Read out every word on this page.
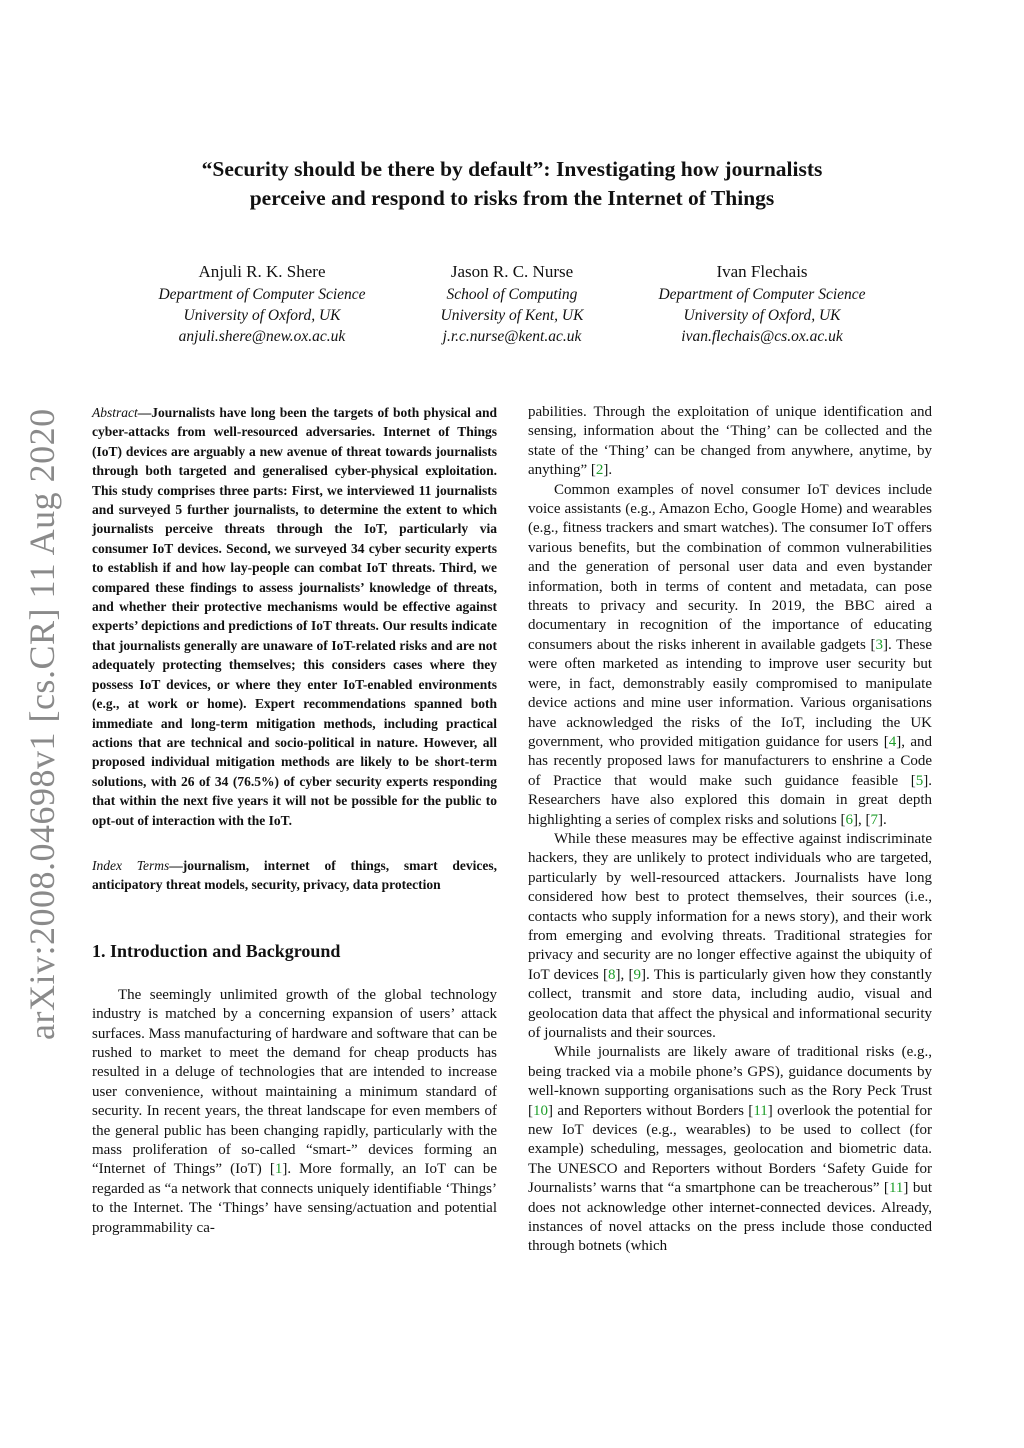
arXiv:2008.04698v1 [cs.CR] 11 Aug 2020
“Security should be there by default”: Investigating how journalists
perceive and respond to risks from the Internet of Things
Anjuli R. K. Shere
Department of Computer Science
University of Oxford, UK
anjuli.shere@new.ox.ac.uk
Jason R. C. Nurse
School of Computing
University of Kent, UK
j.r.c.nurse@kent.ac.uk
Ivan Flechais
Department of Computer Science
University of Oxford, UK
ivan.flechais@cs.ox.ac.uk

Abstract—Journalists have long been the targets of both physical and cyber-attacks from well-resourced adversaries. Internet of Things (IoT) devices are arguably a new avenue of threat towards journalists through both targeted and generalised cyber-physical exploitation. This study comprises three parts: First, we interviewed 11 journalists and surveyed 5 further journalists, to determine the extent to which journalists perceive threats through the IoT, particularly via consumer IoT devices. Second, we surveyed 34 cyber security experts to establish if and how lay-people can combat IoT threats. Third, we compared these findings to assess journalists’ knowledge of threats, and whether their protective mechanisms would be effective against experts’ depictions and predictions of IoT threats. Our results indicate that journalists generally are unaware of IoT-related risks and are not adequately protecting themselves; this considers cases where they possess IoT devices, or where they enter IoT-enabled environments (e.g., at work or home). Expert recommendations spanned both immediate and long-term mitigation methods, including practical actions that are technical and socio-political in nature. However, all proposed individual mitigation methods are likely to be short-term solutions, with 26 of 34 (76.5%) of cyber security experts responding that within the next five years it will not be possible for the public to opt-out of interaction with the IoT.

Index Terms—journalism, internet of things, smart devices, anticipatory threat models, security, privacy, data protection

1. Introduction and Background

The seemingly unlimited growth of the global technology industry is matched by a concerning expansion of users’ attack surfaces. Mass manufacturing of hardware and software that can be rushed to market to meet the demand for cheap products has resulted in a deluge of technologies that are intended to increase user convenience, without maintaining a minimum standard of security. In recent years, the threat landscape for even members of the general public has been changing rapidly, particularly with the mass proliferation of so-called “smart-” devices forming an “Internet of Things” (IoT) [1]. More formally, an IoT can be regarded as “a network that connects uniquely identifiable ‘Things’ to the Internet. The ‘Things’ have sensing/actuation and potential programmability ca-

pabilities. Through the exploitation of unique identification and sensing, information about the ‘Thing’ can be collected and the state of the ‘Thing’ can be changed from anywhere, anytime, by anything” [2].

Common examples of novel consumer IoT devices include voice assistants (e.g., Amazon Echo, Google Home) and wearables (e.g., fitness trackers and smart watches). The consumer IoT offers various benefits, but the combination of common vulnerabilities and the generation of personal user data and even bystander information, both in terms of content and metadata, can pose threats to privacy and security. In 2019, the BBC aired a documentary in recognition of the importance of educating consumers about the risks inherent in available gadgets [3]. These were often marketed as intending to improve user security but were, in fact, demonstrably easily compromised to manipulate device actions and mine user information. Various organisations have acknowledged the risks of the IoT, including the UK government, who provided mitigation guidance for users [4], and has recently proposed laws for manufacturers to enshrine a Code of Practice that would make such guidance feasible [5]. Researchers have also explored this domain in great depth highlighting a series of complex risks and solutions [6], [7].

While these measures may be effective against indiscriminate hackers, they are unlikely to protect individuals who are targeted, particularly by well-resourced attackers. Journalists have long considered how best to protect themselves, their sources (i.e., contacts who supply information for a news story), and their work from emerging and evolving threats. Traditional strategies for privacy and security are no longer effective against the ubiquity of IoT devices [8], [9]. This is particularly given how they constantly collect, transmit and store data, including audio, visual and geolocation data that affect the physical and informational security of journalists and their sources.

While journalists are likely aware of traditional risks (e.g., being tracked via a mobile phone’s GPS), guidance documents by well-known supporting organisations such as the Rory Peck Trust [10] and Reporters without Borders [11] overlook the potential for new IoT devices (e.g., wearables) to be used to collect (for example) scheduling, messages, geolocation and biometric data. The UNESCO and Reporters without Borders ‘Safety Guide for Journalists’ warns that “a smartphone can be treacherous” [11] but does not acknowledge other internet-connected devices. Already, instances of novel attacks on the press include those conducted through botnets (which
